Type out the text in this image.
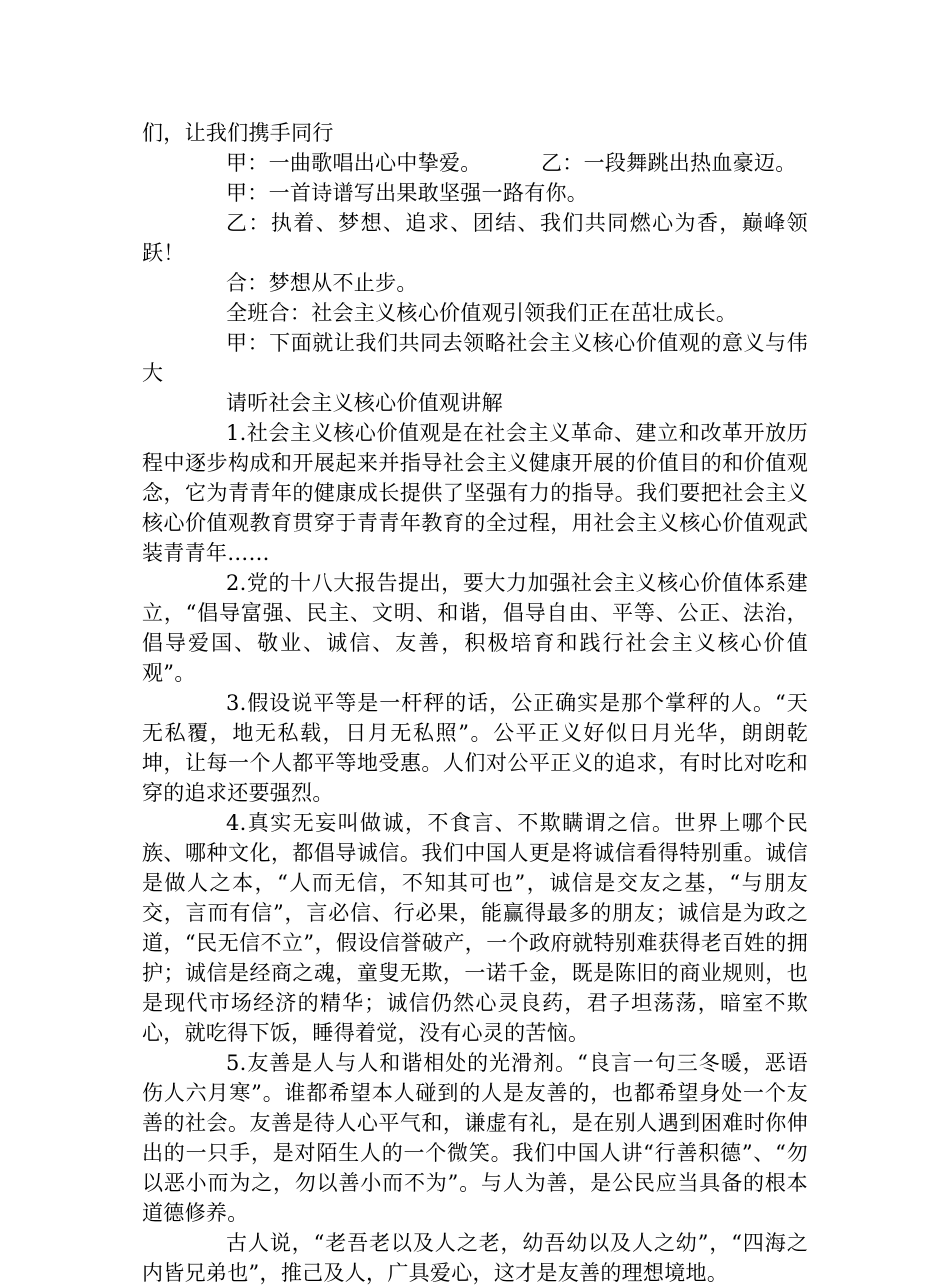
们，让我们携手同行

甲：一曲歌唱出心中挚爱。	乙：一段舞跳出热血豪迈。

甲：一首诗谱写出果敢坚强一路有你。

乙：执着、梦想、追求、团结、我们共同燃心为香，巅峰领跃！

合：梦想从不止步。

全班合：社会主义核心价值观引领我们正在茁壮成长。

甲：下面就让我们共同去领略社会主义核心价值观的意义与伟大

请听社会主义核心价值观讲解

1.社会主义核心价值观是在社会主义革命、建立和改革开放历程中逐步构成和开展起来并指导社会主义健康开展的价值目的和价值观念，它为青青年的健康成长提供了坚强有力的指导。我们要把社会主义核心价值观教育贯穿于青青年教育的全过程，用社会主义核心价值观武装青青年……

2.党的十八大报告提出，要大力加强社会主义核心价值体系建立，“倡导富强、民主、文明、和谐，倡导自由、平等、公正、法治，倡导爱国、敬业、诚信、友善，积极培育和践行社会主义核心价值观”。

3.假设说平等是一杆秤的话，公正确实是那个掌秤的人。“天无私覆，地无私载，日月无私照”。公平正义好似日月光华，朗朗乾坤，让每一个人都平等地受惠。人们对公平正义的追求，有时比对吃和穿的追求还要强烈。

4.真实无妄叫做诚，不食言、不欺瞒谓之信。世界上哪个民族、哪种文化，都倡导诚信。我们中国人更是将诚信看得特别重。诚信是做人之本，“人而无信，不知其可也”，诚信是交友之基，“与朋友交，言而有信”，言必信、行必果，能赢得最多的朋友；诚信是为政之道，“民无信不立”，假设信誉破产，一个政府就特别难获得老百姓的拥护；诚信是经商之魂，童叟无欺，一诺千金，既是陈旧的商业规则，也是现代市场经济的精华；诚信仍然心灵良药，君子坦荡荡，暗室不欺心，就吃得下饭，睡得着觉，没有心灵的苦恼。

5.友善是人与人和谐相处的光滑剂。“良言一句三冬暖，恶语伤人六月寒”。谁都希望本人碰到的人是友善的，也都希望身处一个友善的社会。友善是待人心平气和，谦虚有礼，是在别人遇到困难时你伸出的一只手，是对陌生人的一个微笑。我们中国人讲“行善积德”、“勿以恶小而为之，勿以善小而不为”。与人为善，是公民应当具备的根本道德修养。

古人说，“老吾老以及人之老，幼吾幼以及人之幼”，“四海之内皆兄弟也”，推己及人，广具爱心，这才是友善的理想境地。
